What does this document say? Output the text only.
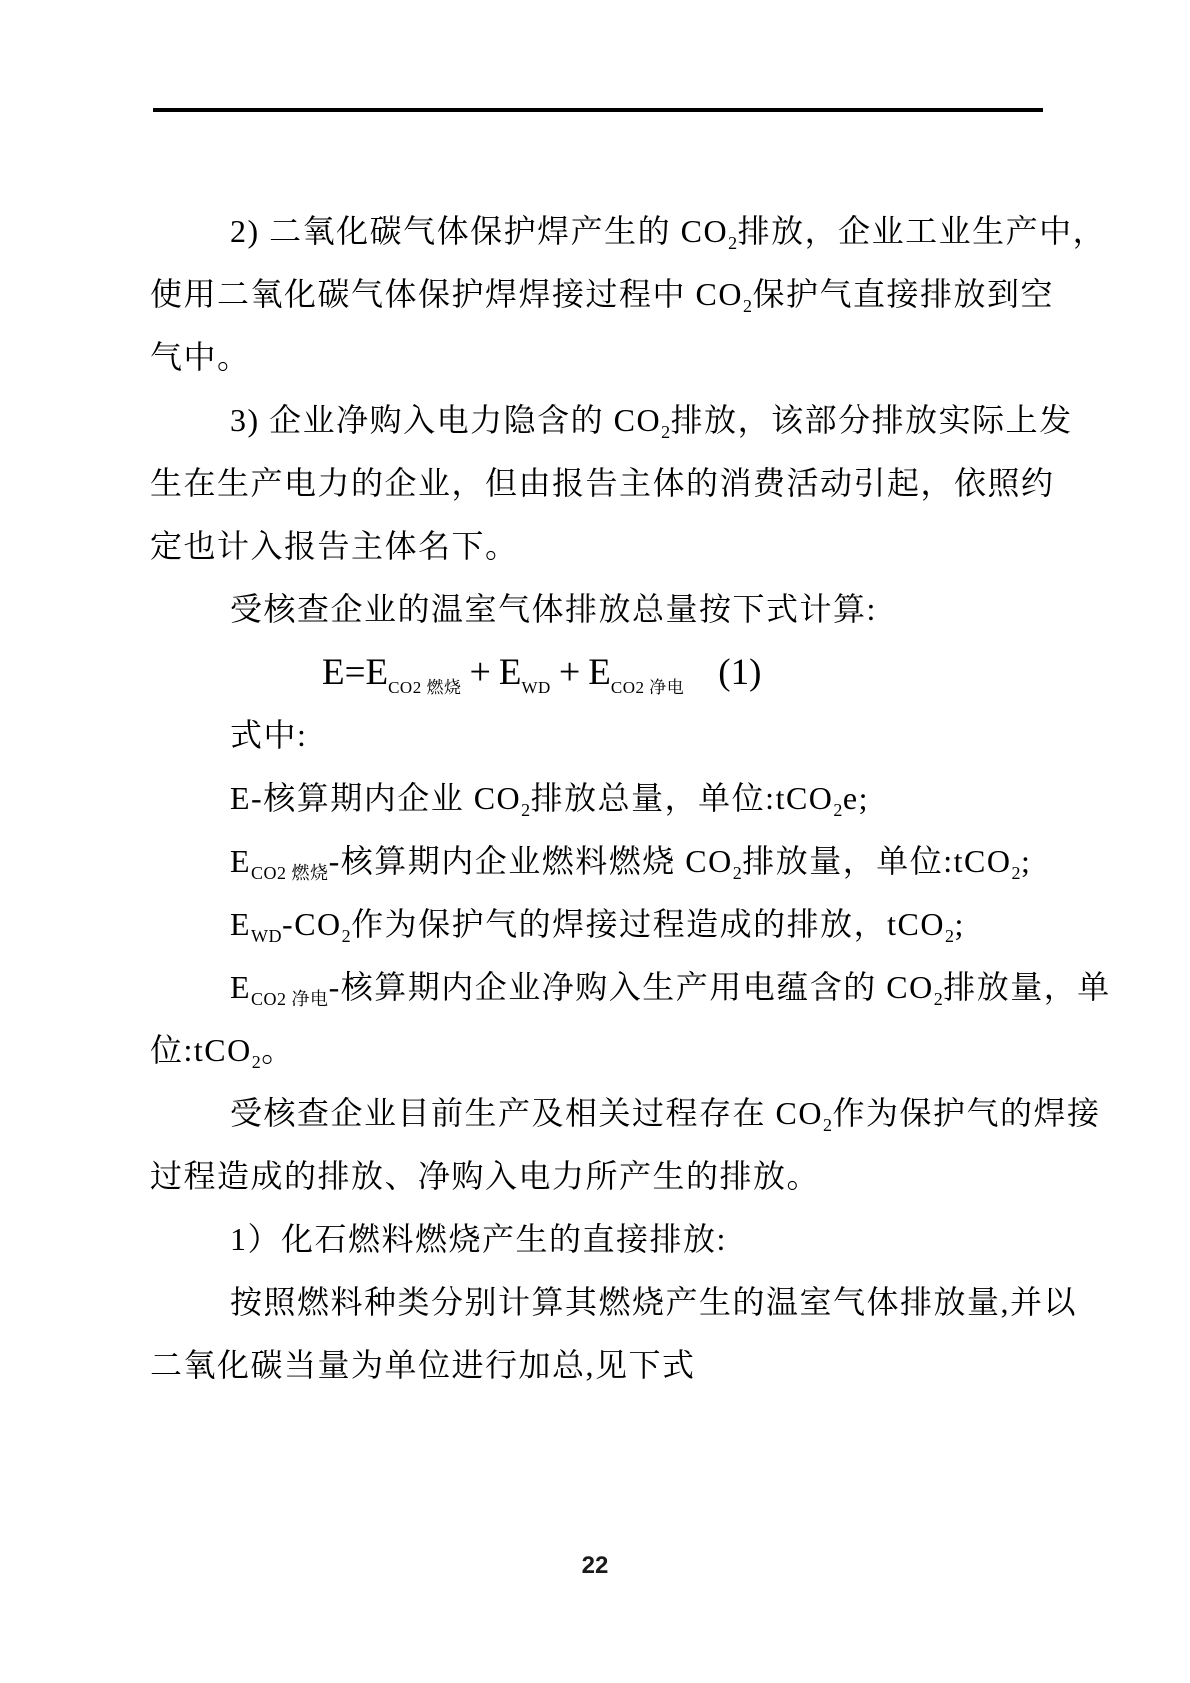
2) 二氧化碳气体保护焊产生的 $CO_2$排放，企业工业生产中，
使用二氧化碳气体保护焊焊接过程中 $CO_2$保护气直接排放到空
气中。
3) 企业净购入电力隐含的 $CO_2$排放，该部分排放实际上发
生在生产电力的企业，但由报告主体的消费活动引起，依照约
定也计入报告主体名下。
受核查企业的温室气体排放总量按下式计算:
$E=E_{CO2 燃烧} + E_{WD} + E_{CO2 净电}$ (1)
式中:
E-核算期内企业 $CO_2$排放总量，单位:tCO$_2$e;
$E_{CO2 燃烧}-$核算期内企业燃料燃烧 $CO_2$排放量，单位:tCO$_2$;
$E_{WD}-CO_2$作为保护气的焊接过程造成的排放，tCO$_2$;
$E_{CO2 净电}-$核算期内企业净购入生产用电蕴含的 $CO_2$排放量，单
位:tCO$_2$。
受核查企业目前生产及相关过程存在 $CO_2$作为保护气的焊接
过程造成的排放、净购入电力所产生的排放。
1）化石燃料燃烧产生的直接排放:
按照燃料种类分别计算其燃烧产生的温室气体排放量,并以
二氧化碳当量为单位进行加总,见下式
22
